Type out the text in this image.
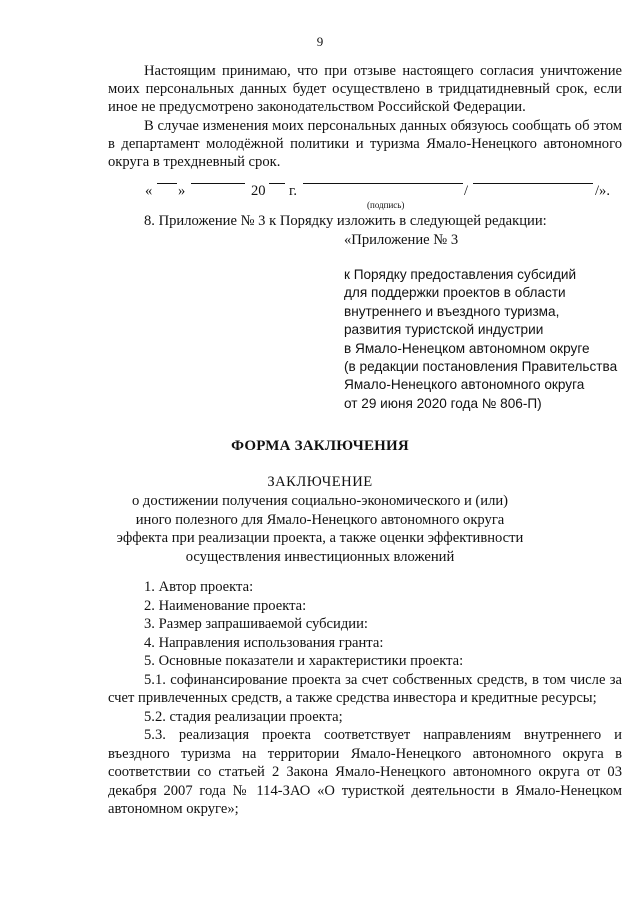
9

Настоящим принимаю, что при отзыве настоящего согласия уничтожение моих персональных данных будет осуществлено в тридцатидневный срок, если иное не предусмотрено законодательством Российской Федерации.

В случае изменения моих персональных данных обязуюсь сообщать об этом в департамент молодёжной политики и туризма Ямало-Ненецкого автономного округа в трехдневный срок.

« »	20 г.	/	/».
(подпись)
8. Приложение № 3 к Порядку изложить в следующей редакции:
«Приложение № 3
к Порядку предоставления субсидий
для поддержки проектов в области
внутреннего и въездного туризма,
развития туристской индустрии
в Ямало-Ненецком автономном округе
(в редакции постановления Правительства
Ямало-Ненецкого автономного округа
от 29 июня 2020 года № 806-П)
ФОРМА ЗАКЛЮЧЕНИЯ
ЗАКЛЮЧЕНИЕ
о достижении получения социально-экономического и (или)
иного полезного для Ямало-Ненецкого автономного округа
эффекта при реализации проекта, а также оценки эффективности
осуществления инвестиционных вложений

1. Автор проекта:

2. Наименование проекта:

3. Размер запрашиваемой субсидии:

4. Направления использования гранта:

5. Основные показатели и характеристики проекта:

5.1. софинансирование проекта за счет собственных средств, в том числе за счет привлеченных средств, а также средства инвестора и кредитные ресурсы;

5.2. стадия реализации проекта;

5.3. реализация проекта соответствует направлениям внутреннего и въездного туризма на территории Ямало-Ненецкого автономного округа в соответствии со статьей 2 Закона Ямало-Ненецкого автономного округа от 03 декабря 2007 года № 114-ЗАО «О туристкой деятельности в Ямало-Ненецком автономном округе»;
